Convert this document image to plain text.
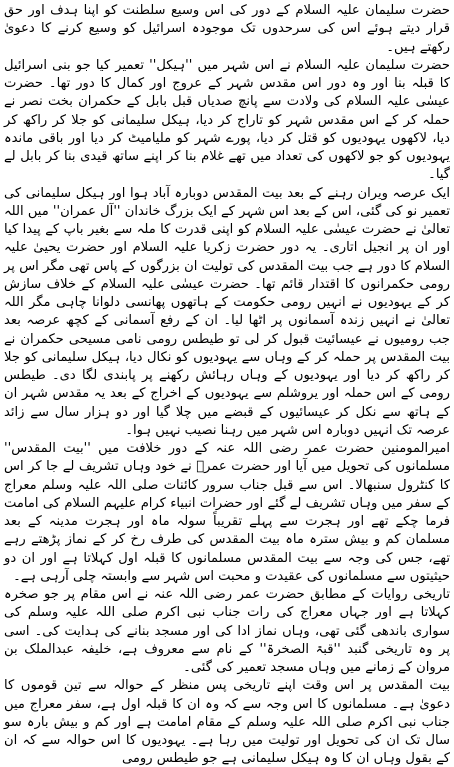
حضرت سلیمان علیہ السلام کے دور کی اس وسیع سلطنت کو اپنا ہدف اور حق قرار دیتے ہوئے اس کی سرحدوں تک موجودہ اسرائیل کو وسیع کرنے کا دعویٰ رکھتے ہیں۔

حضرت سلیمان علیہ السلام نے اس شہر میں ''ہیکل'' تعمیر کیا جو بنی اسرائیل کا قبلہ بنا اور وہ دور اس مقدس شہر کے عروج اور کمال کا دور تھا۔ حضرت عیسٰی علیہ السلام کی ولادت سے پانچ صدیاں قبل بابل کے حکمران بخت نصر نے حملہ کر کے اس مقدس شہر کو تاراج کر دیا، ہیکل سلیمانی کو جلا کر راکھ کر دیا، لاکھوں یہودیوں کو قتل کر دیا، پورے شہر کو ملیامیٹ کر دیا اور باقی ماندہ یہودیوں کو جو لاکھوں کی تعداد میں تھے غلام بنا کر اپنے ساتھ قیدی بنا کر بابل لے گیا۔

ایک عرصہ ویران رہنے کے بعد بیت المقدس دوبارہ آباد ہوا اور ہیکل سلیمانی کی تعمیر نو کی گئی، اس کے بعد اس شہر کے ایک بزرگ خاندان ''آل عمران'' میں اللہ تعالیٰ نے حضرت عیسٰی علیہ السلام کو اپنی قدرت کا ملہ سے بغیر باپ کے پیدا کیا اور ان پر انجیل اتاری۔ یہ دور حضرت زکریا علیہ السلام اور حضرت یحییٰ علیہ السلام کا دور ہے جب بیت المقدس کی تولیت ان بزرگوں کے پاس تھی مگر اس پر رومی حکمرانوں کا اقتدار قائم تھا۔ حضرت عیسٰی علیہ السلام کے خلاف سازش کر کے یہودیوں نے انہیں رومی حکومت کے ہاتھوں پھانسی دلوانا چاہی مگر اللہ تعالیٰ نے انہیں زندہ آسمانوں پر اٹھا لیا۔ ان کے رفع آسمانی کے کچھ عرصہ بعد جب رومیوں نے عیسائیت قبول کر لی تو طیطس رومی نامی مسیحی حکمران نے بیت المقدس پر حملہ کر کے وہاں سے یہودیوں کو نکال دیا، ہیکل سلیمانی کو جلا کر راکھ کر دیا اور یہودیوں کے وہاں رہائش رکھنے پر پابندی لگا دی۔ طیطس رومی کے اس حملہ اور یروشلم سے یہودیوں کے اخراج کے بعد یہ مقدس شہر ان کے ہاتھ سے نکل کر عیسائیوں کے قبضے میں چلا گیا اور دو ہزار سال سے زائد عرصہ تک انہیں دوبارہ اس شہر میں رہنا نصیب نہیں ہوا۔

امیرالمومنین حضرت عمر رضی اللہ عنہ کے دور خلافت میں ''بیت المقدس'' مسلمانوں کی تحویل میں آیا اور حضرت عمرؓ نے خود وہاں تشریف لے جا کر اس کا کنٹرول سنبھالا۔ اس سے قبل جناب سرور کائنات صلی اللہ علیہ وسلم معراج کے سفر میں وہاں تشریف لے گئے اور حضرات انبیاء کرام علیہم السلام کی امامت فرما چکے تھے اور ہجرت سے پہلے تقریباً سولہ ماہ اور ہجرت مدینہ کے بعد مسلمان کم و بیش سترہ ماہ بیت المقدس کی طرف رخ کر کے نماز پڑھتے رہے تھے، جس کی وجہ سے بیت المقدس مسلمانوں کا قبلہ اول کہلاتا ہے اور ان دو حیثیتوں سے مسلمانوں کی عقیدت و محبت اس شہر سے وابستہ چلی آرہی ہے۔

تاریخی روایات کے مطابق حضرت عمر رضی اللہ عنہ نے اس مقام پر جو صخرہ کہلاتا ہے اور جہاں معراج کی رات جناب نبی اکرم صلی اللہ علیہ وسلم کی سواری باندھی گئی تھی، وہاں نماز ادا کی اور مسجد بنانے کی ہدایت کی۔ اسی پر وہ تاریخی گنبد ''قبۃ الصخرۃ'' کے نام سے معروف ہے، خلیفہ عبدالملک بن مروان کے زمانے میں وہاں مسجد تعمیر کی گئی۔

بیت المقدس پر اس وقت اپنے تاریخی پس منظر کے حوالہ سے تین قوموں کا دعویٰ ہے۔ مسلمانوں کا اس وجہ سے کہ وہ ان کا قبلہ اول ہے، سفر معراج میں جناب نبی اکرم صلی اللہ علیہ وسلم کے مقام امامت ہے اور کم و بیش بارہ سو سال تک ان کی تحویل اور تولیت میں رہا ہے۔ یہودیوں کا اس حوالہ سے کہ ان کے بقول وہاں ان کا وہ ہیکل سلیمانی ہے جو طیطس رومی
